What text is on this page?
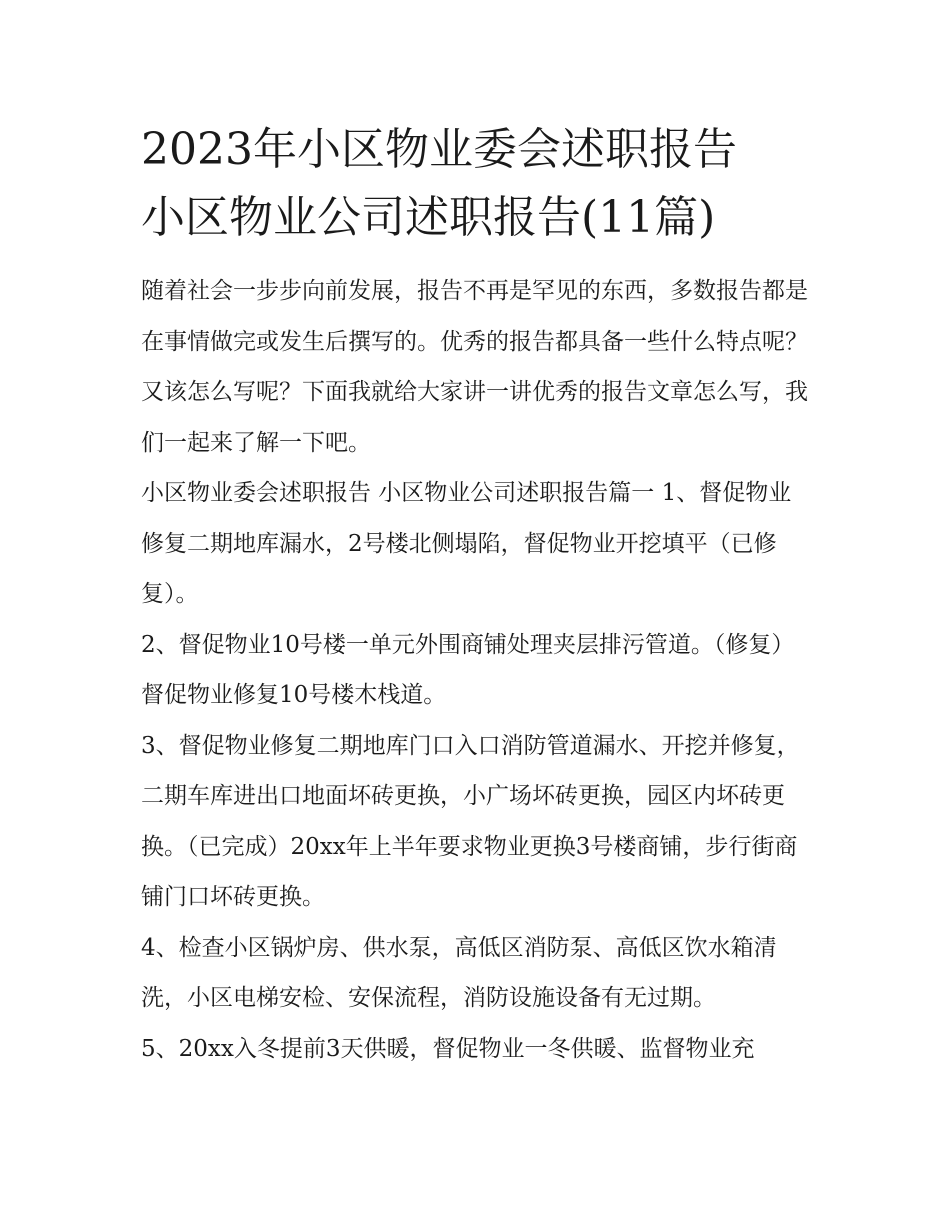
2023年小区物业委会述职报告
小区物业公司述职报告(11篇)

随着社会一步步向前发展，报告不再是罕见的东西，多数报告都是在事情做完或发生后撰写的。优秀的报告都具备一些什么特点呢？又该怎么写呢？下面我就给大家讲一讲优秀的报告文章怎么写，我们一起来了解一下吧。

小区物业委会述职报告 小区物业公司述职报告篇一 1、督促物业修复二期地库漏水，2号楼北侧塌陷，督促物业开挖填平（已修复）。

2、督促物业10号楼一单元外围商铺处理夹层排污管道。（修复）督促物业修复10号楼木栈道。

3、督促物业修复二期地库门口入口消防管道漏水、开挖并修复，二期车库进出口地面坏砖更换，小广场坏砖更换，园区内坏砖更换。（已完成）20xx年上半年要求物业更换3号楼商铺，步行街商铺门口坏砖更换。

4、检查小区锅炉房、供水泵，高低区消防泵、高低区饮水箱清洗，小区电梯安检、安保流程，消防设施设备有无过期。

5、20xx入冬提前3天供暖，督促物业一冬供暖、监督物业充
